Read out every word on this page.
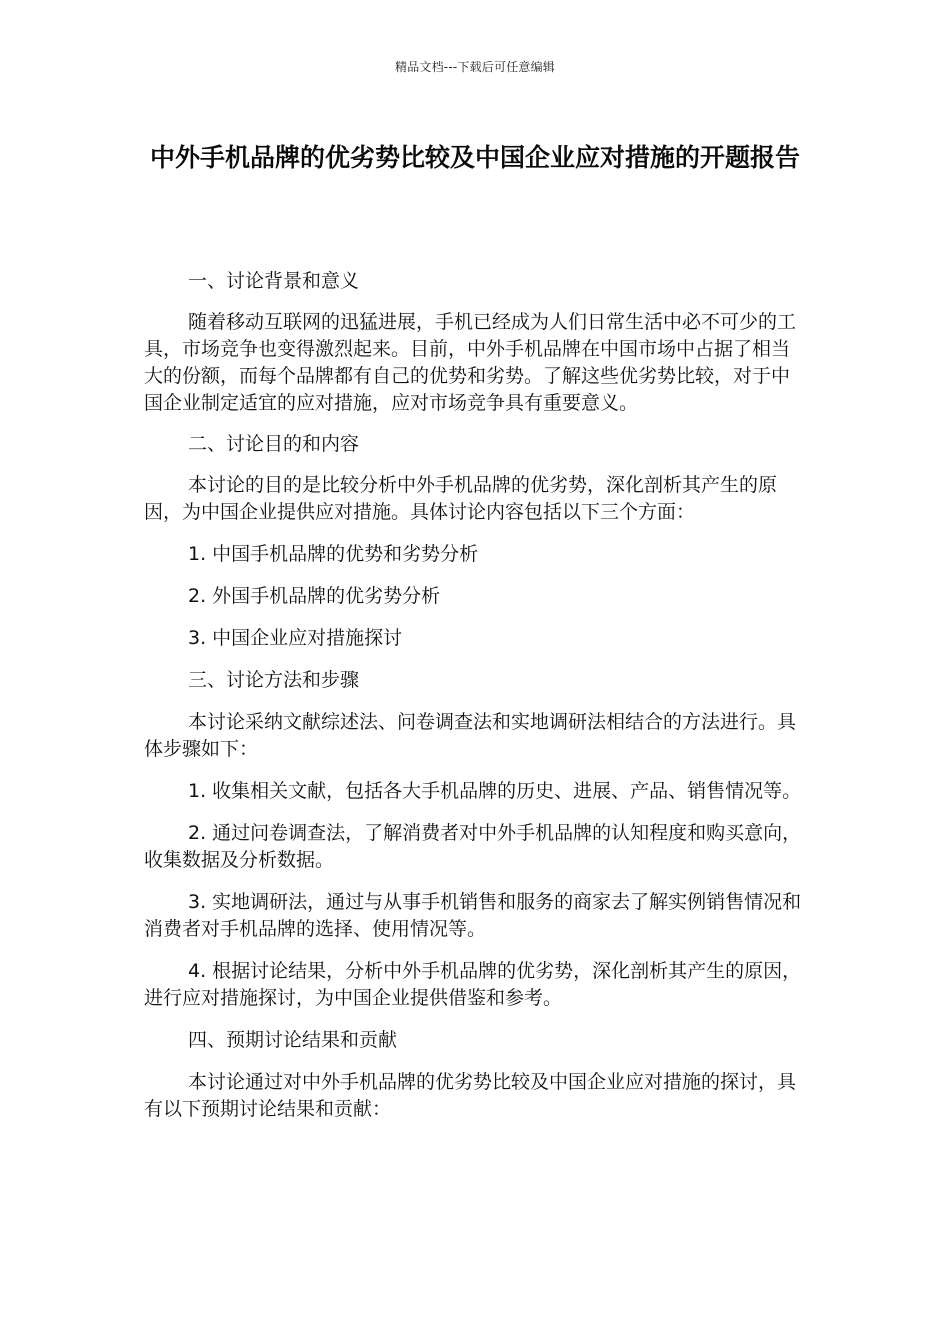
精品文档---下载后可任意编辑
中外手机品牌的优劣势比较及中国企业应对措施的开题报告

一、讨论背景和意义

随着移动互联网的迅猛进展，手机已经成为人们日常生活中必不可少的工具，市场竞争也变得激烈起来。目前，中外手机品牌在中国市场中占据了相当大的份额，而每个品牌都有自己的优势和劣势。了解这些优劣势比较，对于中国企业制定适宜的应对措施，应对市场竞争具有重要意义。

二、讨论目的和内容

本讨论的目的是比较分析中外手机品牌的优劣势，深化剖析其产生的原因，为中国企业提供应对措施。具体讨论内容包括以下三个方面：

1. 中国手机品牌的优势和劣势分析

2. 外国手机品牌的优劣势分析

3. 中国企业应对措施探讨

三、讨论方法和步骤

本讨论采纳文献综述法、问卷调查法和实地调研法相结合的方法进行。具体步骤如下：

1. 收集相关文献，包括各大手机品牌的历史、进展、产品、销售情况等。

2. 通过问卷调查法，了解消费者对中外手机品牌的认知程度和购买意向，收集数据及分析数据。

3. 实地调研法，通过与从事手机销售和服务的商家去了解实例销售情况和消费者对手机品牌的选择、使用情况等。

4. 根据讨论结果，分析中外手机品牌的优劣势，深化剖析其产生的原因，进行应对措施探讨，为中国企业提供借鉴和参考。

四、预期讨论结果和贡献

本讨论通过对中外手机品牌的优劣势比较及中国企业应对措施的探讨，具有以下预期讨论结果和贡献：
